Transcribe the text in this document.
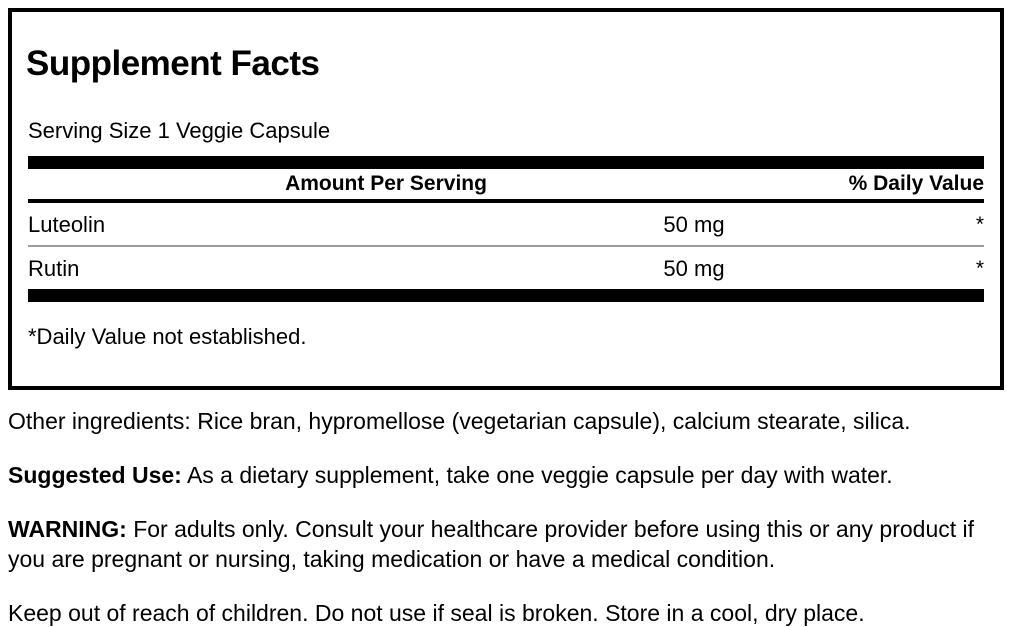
Supplement Facts
Serving Size 1 Veggie Capsule
Amount Per Serving	% Daily Value
Luteolin	50 mg	*
Rutin	50 mg	*
*Daily Value not established.

Other ingredients: Rice bran, hypromellose (vegetarian capsule), calcium stearate, silica.

Suggested Use: As a dietary supplement, take one veggie capsule per day with water.

WARNING: For adults only. Consult your healthcare provider before using this or any product if you are pregnant or nursing, taking medication or have a medical condition.

Keep out of reach of children. Do not use if seal is broken. Store in a cool, dry place.
